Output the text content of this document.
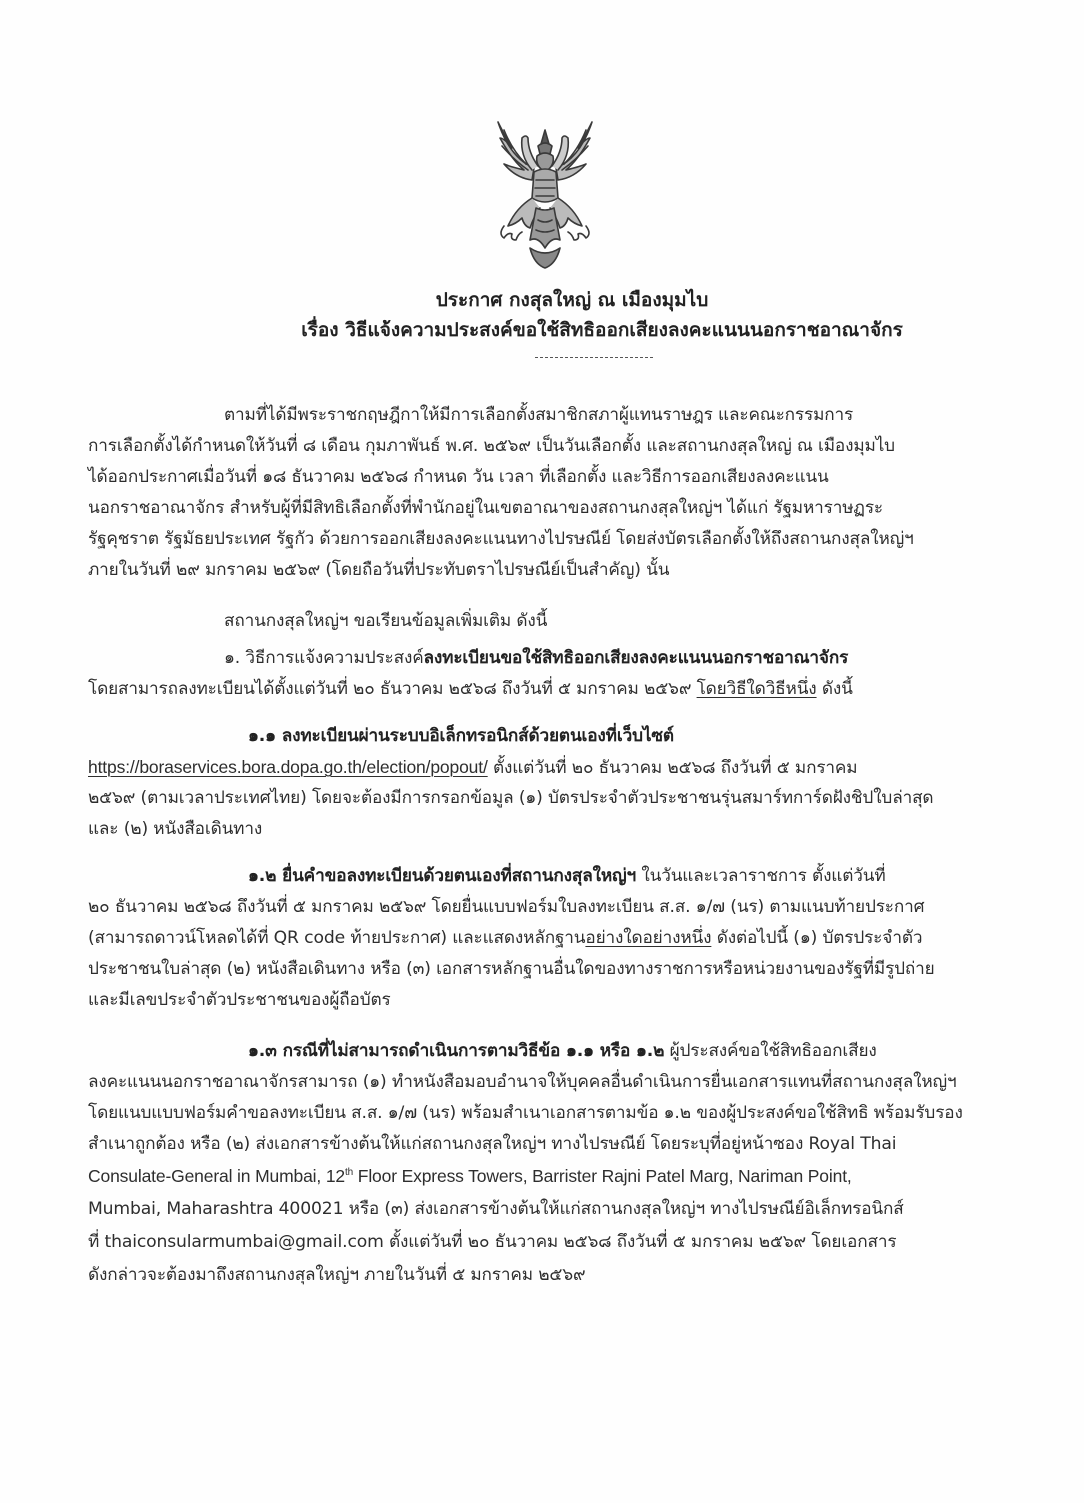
ประกาศ กงสุลใหญ่ ณ เมืองมุมไบ
เรื่อง วิธีแจ้งความประสงค์ขอใช้สิทธิออกเสียงลงคะแนนนอกราชอาณาจักร
ตามที่ได้มีพระราชกฤษฎีกาให้มีการเลือกตั้งสมาชิกสภาผู้แทนราษฎร และคณะกรรมการ
การเลือกตั้งได้กำหนดให้วันที่ ๘ เดือน กุมภาพันธ์ พ.ศ. ๒๕๖๙ เป็นวันเลือกตั้ง และสถานกงสุลใหญ่ ณ เมืองมุมไบ
ได้ออกประกาศเมื่อวันที่ ๑๘ ธันวาคม ๒๕๖๘ กำหนด วัน เวลา ที่เลือกตั้ง และวิธีการออกเสียงลงคะแนน
นอกราชอาณาจักร สำหรับผู้ที่มีสิทธิเลือกตั้งที่พำนักอยู่ในเขตอาณาของสถานกงสุลใหญ่ฯ ได้แก่ รัฐมหาราษฏระ
รัฐคุชราต รัฐมัธยประเทศ รัฐกัว ด้วยการออกเสียงลงคะแนนทางไปรษณีย์ โดยส่งบัตรเลือกตั้งให้ถึงสถานกงสุลใหญ่ฯ
ภายในวันที่ ๒๙ มกราคม ๒๕๖๙ (โดยถือวันที่ประทับตราไปรษณีย์เป็นสำคัญ) นั้น
สถานกงสุลใหญ่ฯ ขอเรียนข้อมูลเพิ่มเติม ดังนี้
๑. วิธีการแจ้งความประสงค์ลงทะเบียนขอใช้สิทธิออกเสียงลงคะแนนนอกราชอาณาจักร
โดยสามารถลงทะเบียนได้ตั้งแต่วันที่ ๒๐ ธันวาคม ๒๕๖๘ ถึงวันที่ ๕ มกราคม ๒๕๖๙ โดยวิธีใดวิธีหนึ่ง ดังนี้
๑.๑ ลงทะเบียนผ่านระบบอิเล็กทรอนิกส์ด้วยตนเองที่เว็บไซต์
https://boraservices.bora.dopa.go.th/election/popout/ ตั้งแต่วันที่ ๒๐ ธันวาคม ๒๕๖๘ ถึงวันที่ ๕ มกราคม
๒๕๖๙ (ตามเวลาประเทศไทย) โดยจะต้องมีการกรอกข้อมูล (๑) บัตรประจำตัวประชาชนรุ่นสมาร์ทการ์ดฝังชิปใบล่าสุด
และ (๒) หนังสือเดินทาง
๑.๒ ยื่นคำขอลงทะเบียนด้วยตนเองที่สถานกงสุลใหญ่ฯ ในวันและเวลาราชการ ตั้งแต่วันที่
๒๐ ธันวาคม ๒๕๖๘ ถึงวันที่ ๕ มกราคม ๒๕๖๙ โดยยื่นแบบฟอร์มใบลงทะเบียน ส.ส. ๑/๗ (นร) ตามแนบท้ายประกาศ
(สามารถดาวน์โหลดได้ที่ QR code ท้ายประกาศ) และแสดงหลักฐานอย่างใดอย่างหนึ่ง ดังต่อไปนี้ (๑) บัตรประจำตัว
ประชาชนใบล่าสุด (๒) หนังสือเดินทาง หรือ (๓) เอกสารหลักฐานอื่นใดของทางราชการหรือหน่วยงานของรัฐที่มีรูปถ่าย
และมีเลขประจำตัวประชาชนของผู้ถือบัตร
๑.๓ กรณีที่ไม่สามารถดำเนินการตามวิธีข้อ ๑.๑ หรือ ๑.๒ ผู้ประสงค์ขอใช้สิทธิออกเสียง
ลงคะแนนนอกราชอาณาจักรสามารถ (๑) ทำหนังสือมอบอำนาจให้บุคคลอื่นดำเนินการยื่นเอกสารแทนที่สถานกงสุลใหญ่ฯ
โดยแนบแบบฟอร์มคำขอลงทะเบียน ส.ส. ๑/๗ (นร) พร้อมสำเนาเอกสารตามข้อ ๑.๒ ของผู้ประสงค์ขอใช้สิทธิ พร้อมรับรอง
สำเนาถูกต้อง หรือ (๒) ส่งเอกสารข้างต้นให้แก่สถานกงสุลใหญ่ฯ ทางไปรษณีย์ โดยระบุที่อยู่หน้าซอง Royal Thai
Consulate-General in Mumbai, 12th Floor Express Towers, Barrister Rajni Patel Marg, Nariman Point,
Mumbai, Maharashtra 400021 หรือ (๓) ส่งเอกสารข้างต้นให้แก่สถานกงสุลใหญ่ฯ ทางไปรษณีย์อิเล็กทรอนิกส์
ที่ thaiconsularmumbai@gmail.com ตั้งแต่วันที่ ๒๐ ธันวาคม ๒๕๖๘ ถึงวันที่ ๕ มกราคม ๒๕๖๙ โดยเอกสาร
ดังกล่าวจะต้องมาถึงสถานกงสุลใหญ่ฯ ภายในวันที่ ๕ มกราคม ๒๕๖๙
